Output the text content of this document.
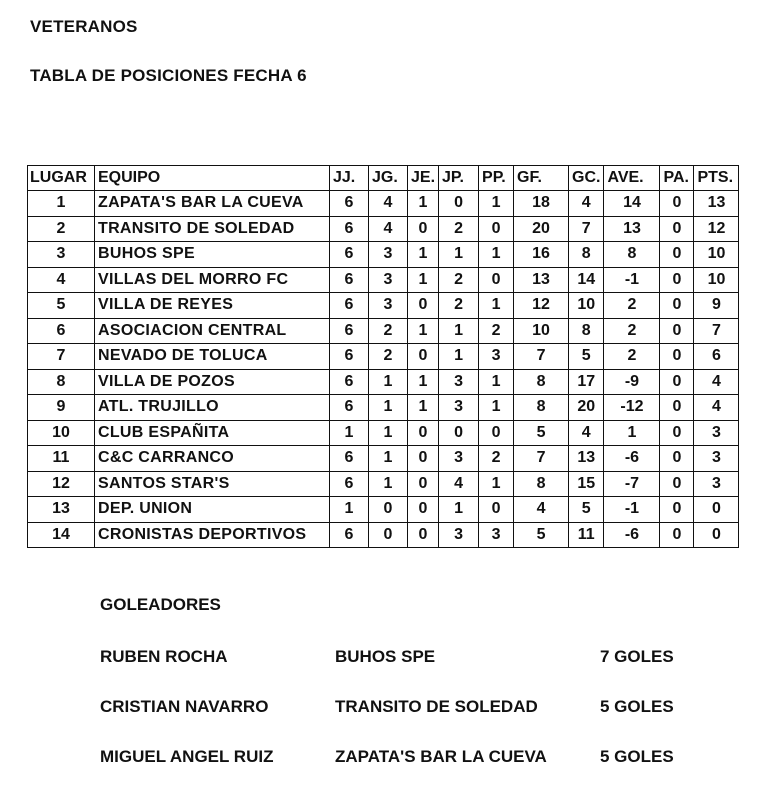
VETERANOS
TABLA DE POSICIONES FECHA 6
LUGAR	EQUIPO	JJ.	JG.	JE.	JP.	PP.	GF.	GC.	AVE.	PA.	PTS.
1	ZAPATA'S BAR LA CUEVA	6	4	1	0	1	18	4	14	0	13
2	TRANSITO DE SOLEDAD	6	4	0	2	0	20	7	13	0	12
3	BUHOS SPE	6	3	1	1	1	16	8	8	0	10
4	VILLAS DEL MORRO FC	6	3	1	2	0	13	14	-1	0	10
5	VILLA DE REYES	6	3	0	2	1	12	10	2	0	9
6	ASOCIACION CENTRAL	6	2	1	1	2	10	8	2	0	7
7	NEVADO DE TOLUCA	6	2	0	1	3	7	5	2	0	6
8	VILLA DE POZOS	6	1	1	3	1	8	17	-9	0	4
9	ATL. TRUJILLO	6	1	1	3	1	8	20	-12	0	4
10	CLUB ESPAÑITA	1	1	0	0	0	5	4	1	0	3
11	C&C CARRANCO	6	1	0	3	2	7	13	-6	0	3
12	SANTOS STAR'S	6	1	0	4	1	8	15	-7	0	3
13	DEP. UNION	1	0	0	1	0	4	5	-1	0	0
14	CRONISTAS DEPORTIVOS	6	0	0	3	3	5	11	-6	0	0
GOLEADORES
RUBEN ROCHA	BUHOS SPE	7 GOLES
CRISTIAN NAVARRO	TRANSITO DE SOLEDAD	5 GOLES
MIGUEL ANGEL RUIZ	ZAPATA'S BAR LA CUEVA	5 GOLES
